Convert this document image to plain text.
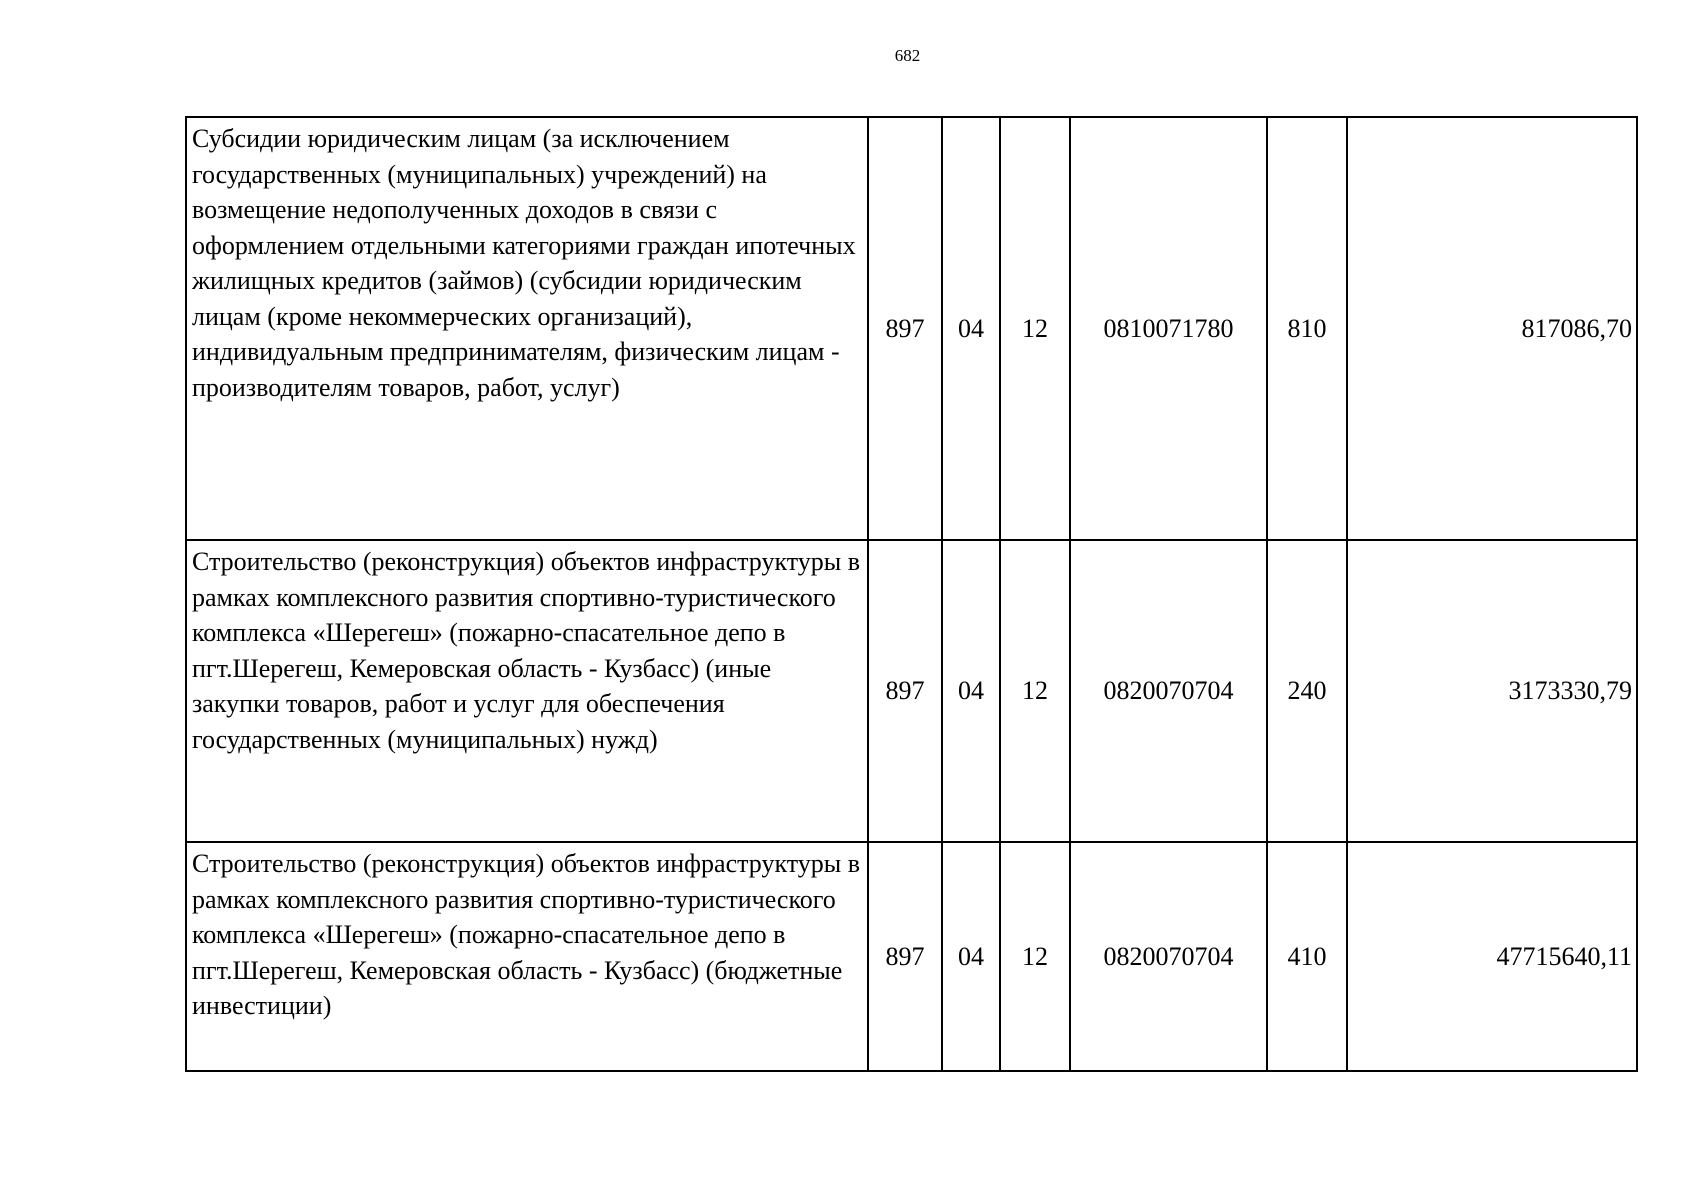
682
Субсидии юридическим лицам (за исключением государственных (муниципальных) учреждений) на возмещение недополученных доходов в связи с оформлением отдельными категориями граждан ипотечных жилищных кредитов (займов) (субсидии юридическим лицам (кроме некоммерческих организаций), индивидуальным предпринимателям, физическим лицам - производителям товаров, работ, услуг)	897	04	12	0810071780	810	817086,70
Строительство (реконструкция) объектов инфраструктуры в рамках комплексного развития спортивно-туристического комплекса «Шерегеш» (пожарно-спасательное депо в пгт.Шерегеш, Кемеровская область - Кузбасс) (иные закупки товаров, работ и услуг для обеспечения государственных (муниципальных) нужд)	897	04	12	0820070704	240	3173330,79
Строительство (реконструкция) объектов инфраструктуры в рамках комплексного развития спортивно-туристического комплекса «Шерегеш» (пожарно-спасательное депо в пгт.Шерегеш, Кемеровская область - Кузбасс) (бюджетные инвестиции)	897	04	12	0820070704	410	47715640,11
